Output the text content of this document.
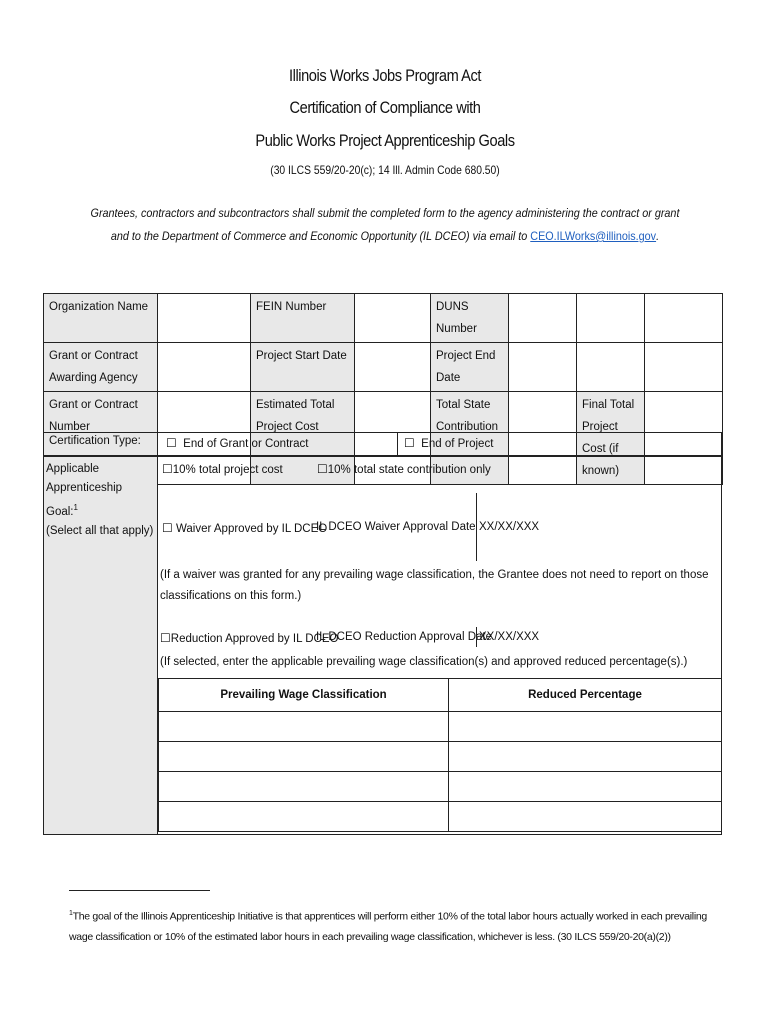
Illinois Works Jobs Program Act
Certification of Compliance with
Public Works Project Apprenticeship Goals
(30 ILCS 559/20-20(c); 14 Ill. Admin Code 680.50)
Grantees, contractors and subcontractors shall submit the completed form to the agency administering the contract or grant and to the Department of Commerce and Economic Opportunity (IL DCEO) via email to CEO.ILWorks@illinois.gov.
Organization Name		FEIN Number		DUNS Number			
Grant or Contract Awarding Agency		Project Start Date		Project End Date			
Grant or Contract Number		Estimated Total Project Cost		Total State Contribution		Final Total Project Cost (if known)	
Certification Type:	☐ End of Grant or Contract	☐ End of Project
Applicable Apprenticeship Goal:$^1$
(Select all that apply)
☐10% total project cost	☐10% total state contribution only
☐ Waiver Approved by IL DCEO
IL DCEO Waiver Approval Date XX/XX/XXX
(If a waiver was granted for any prevailing wage classification, the Grantee does not need to report on those classifications on this form.)
☐Reduction Approved by IL DCEO
IL DCEO Reduction Approval Date
XX/XX/XXX
(If selected, enter the applicable prevailing wage classification(s) and approved reduced percentage(s).)
Prevailing Wage Classification	Reduced Percentage

$^1$The goal of the Illinois Apprenticeship Initiative is that apprentices will perform either 10% of the total labor hours actually worked in each prevailing wage classification or 10% of the estimated labor hours in each prevailing wage classification, whichever is less. (30 ILCS 559/20-20(a)(2))
